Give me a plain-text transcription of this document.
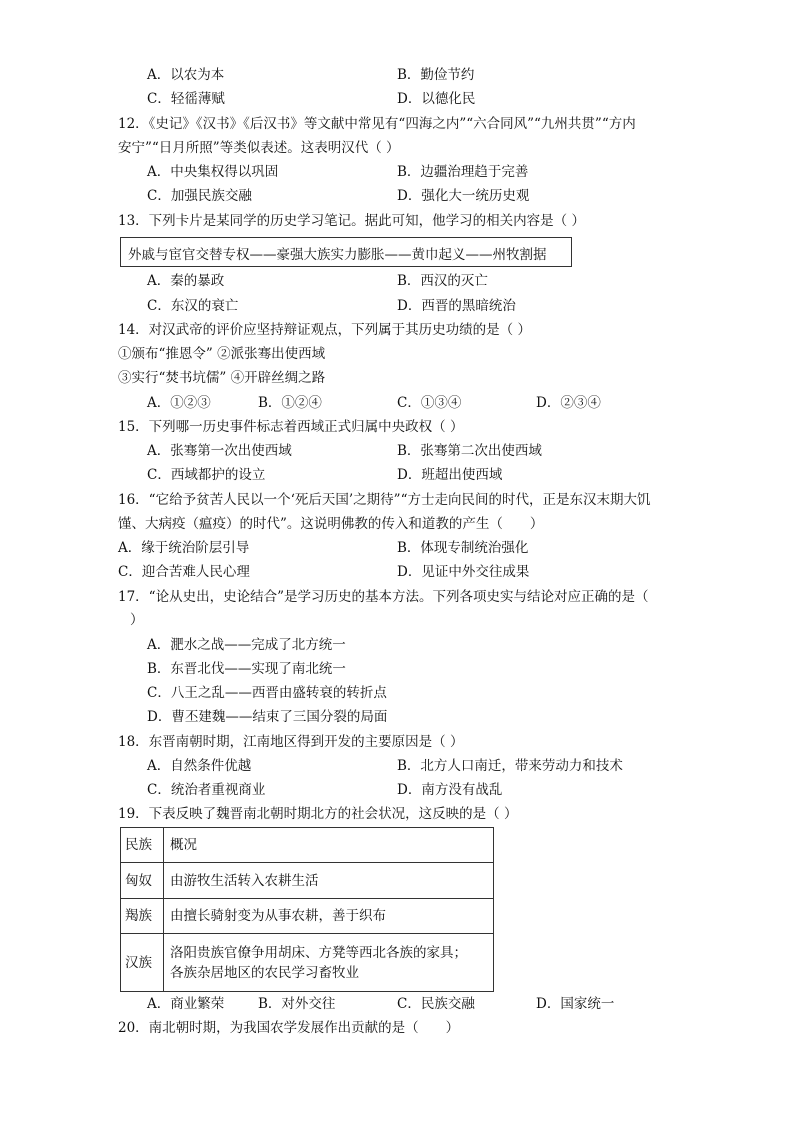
A．以农为本	B．勤俭节约
C．轻徭薄赋	D．以德化民
12．《史记》《汉书》《后汉书》等文献中常见有“四海之内”“六合同风”“九州共贯”“方内
安宁”“日月所照”等类似表述。这表明汉代（ ）
A．中央集权得以巩固	B．边疆治理趋于完善
C．加强民族交融	D．强化大一统历史观
13．下列卡片是某同学的历史学习笔记。据此可知，他学习的相关内容是（ ）
外戚与宦官交替专权——豪强大族实力膨胀——黄巾起义——州牧割据
A．秦的暴政	B．西汉的灭亡
C．东汉的衰亡	D．西晋的黑暗统治
14．对汉武帝的评价应坚持辩证观点，下列属于其历史功绩的是（ ）
①颁布“推恩令” ②派张骞出使西域
③实行“焚书坑儒” ④开辟丝绸之路
A．①②③	B．①②④	C．①③④	D．②③④
15．下列哪一历史事件标志着西域正式归属中央政权（ ）
A．张骞第一次出使西域	B．张骞第二次出使西域
C．西域都护的设立	D．班超出使西域
16．“它给予贫苦人民以一个‘死后天国’之期待”“方士走向民间的时代，正是东汉末期大饥
馑、大病疫（瘟疫）的时代”。这说明佛教的传入和道教的产生（　　）
A．缘于统治阶层引导	B．体现专制统治强化
C．迎合苦难人民心理	D．见证中外交往成果
17．“论从史出，史论结合”是学习历史的基本方法。下列各项史实与结论对应正确的是（
）
A．淝水之战——完成了北方统一
B．东晋北伐——实现了南北统一
C．八王之乱——西晋由盛转衰的转折点
D．曹丕建魏——结束了三国分裂的局面
18．东晋南朝时期，江南地区得到开发的主要原因是（ ）
A．自然条件优越	B．北方人口南迁，带来劳动力和技术
C．统治者重视商业	D．南方没有战乱
19．下表反映了魏晋南北朝时期北方的社会状况，这反映的是（ ）
民族	概况
匈奴	由游牧生活转入农耕生活
羯族	由擅长骑射变为从事农耕，善于织布
汉族	洛阳贵族官僚争用胡床、方凳等西北各族的家具；
各族杂居地区的农民学习畜牧业
A．商业繁荣	B．对外交往	C．民族交融	D．国家统一
20．南北朝时期，为我国农学发展作出贡献的是（　　）
